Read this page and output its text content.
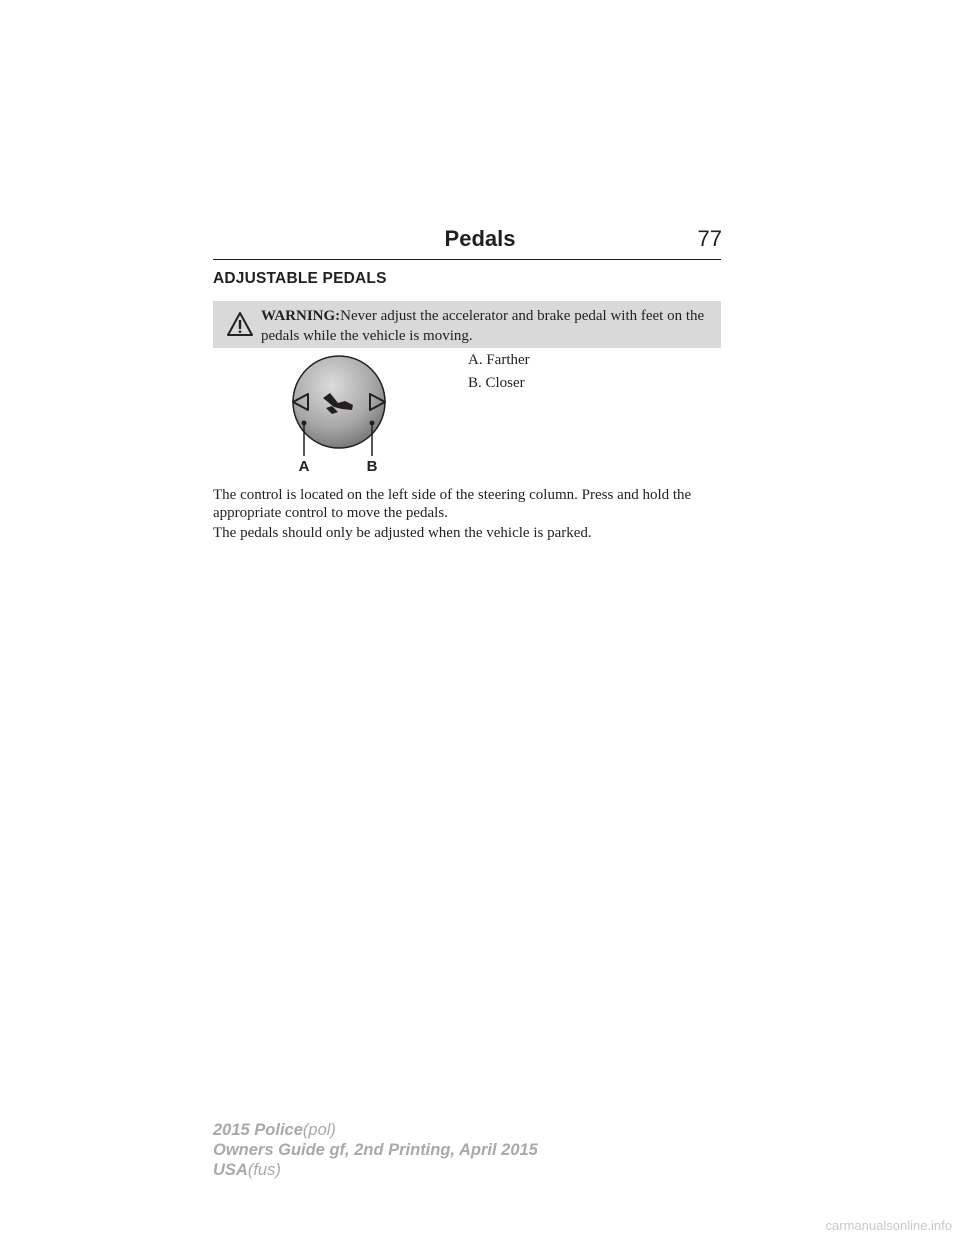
Pedals	77
ADJUSTABLE PEDALS
WARNING:Never adjust the accelerator and brake pedal with feet on the pedals while the vehicle is moving.
A. Farther
B. Closer
A	B
The control is located on the left side of the steering column. Press and hold the appropriate control to move the pedals.
The pedals should only be adjusted when the vehicle is parked.
2015 Police(pol)
Owners Guide gf, 2nd Printing, April 2015
USA(fus)
carmanualsonline.info
